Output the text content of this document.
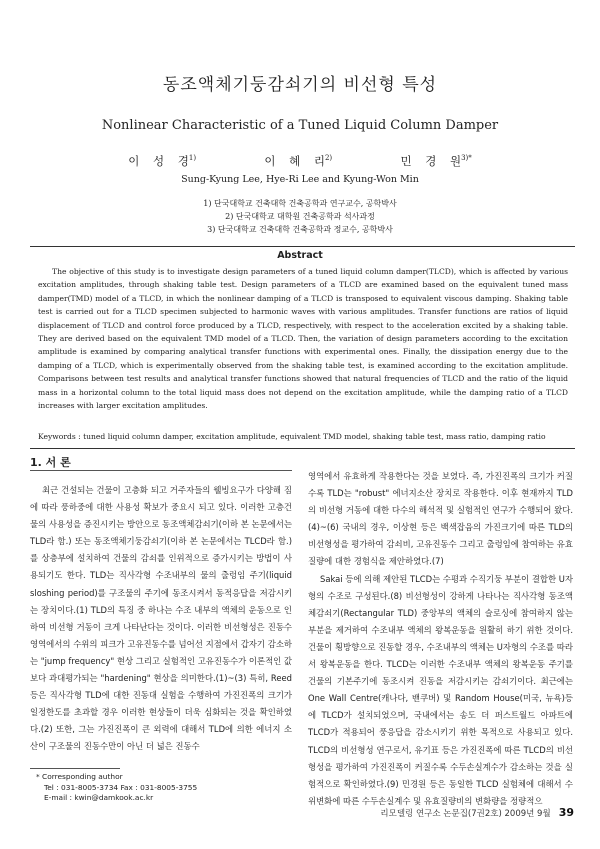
동조액체기둥감쇠기의 비선형 특성
Nonlinear Characteristic of a Tuned Liquid Column Damper
이 성 경$^{1)}$	이 혜 리$^{2)}$	민 경 원$^{3)*}$
Sung-Kyung Lee, Hye-Ri Lee and Kyung-Won Min
1) 단국대학교 건축대학 건축공학과 연구교수, 공학박사
2) 단국대학교 대학원 건축공학과 석사과정
3) 단국대학교 건축대학 건축공학과 정교수, 공학박사
Abstract

The objective of this study is to investigate design parameters of a tuned liquid column damper(TLCD), which is affected by various excitation amplitudes, through shaking table test. Design parameters of a TLCD are examined based on the equivalent tuned mass damper(TMD) model of a TLCD, in which the nonlinear damping of a TLCD is transposed to equivalent viscous damping. Shaking table test is carried out for a TLCD specimen subjected to harmonic waves with various amplitudes. Transfer functions are ratios of liquid displacement of TLCD and control force produced by a TLCD, respectively, with respect to the acceleration excited by a shaking table. They are derived based on the equivalent TMD model of a TLCD. Then, the variation of design parameters according to the excitation amplitude is examined by comparing analytical transfer functions with experimental ones. Finally, the dissipation energy due to the damping of a TLCD, which is experimentally observed from the shaking table test, is examined according to the excitation amplitude. Comparisons between test results and analytical transfer functions showed that natural frequencies of TLCD and the ratio of the liquid mass in a horizontal column to the total liquid mass does not depend on the excitation amplitude, while the damping ratio of a TLCD increases with larger excitation amplitudes.

Keywords : tuned liquid column damper, excitation amplitude, equivalent TMD model, shaking table test, mass ratio, damping ratio

1. 서 론

최근 건설되는 건물이 고층화 되고 거주자들의 웰빙요구가 다양해 짐에 따라 풍하중에 대한 사용성 확보가 중요시 되고 있다. 이러한 고층건물의 사용성을 증진시키는 방안으로 동조액체감쇠기(이하 본 논문에서는 TLD라 함.) 또는 동조액체기둥감쇠기(이하 본 논문에서는 TLCD라 함.)를 상층부에 설치하여 건물의 감쇠를 인위적으로 증가시키는 방법이 사용되기도 한다. TLD는 직사각형 수조내부의 물의 출렁임 주기(liquid sloshing period)를 구조물의 주기에 동조시켜서 동적응답을 저감시키는 장치이다.(1) TLD의 특징 중 하나는 수조 내부의 액체의 운동으로 인하여 비선형 거동이 크게 나타난다는 것이다. 이러한 비선형성은 진동수영역에서의 수위의 피크가 고유진동수를 넘어선 지점에서 갑자기 감소하는 "jump frequency" 현상 그리고 실험적인 고유진동수가 이론적인 값보다 과대평가되는 "hardening" 현상을 의미한다.(1)~(3) 특히, Reed 등은 직사각형 TLD에 대한 진동대 실험을 수행하여 가진진폭의 크기가 일정한도를 초과할 경우 이러한 현상들이 더욱 심화되는 것을 확인하였다.(2) 또한, 그는 가진진폭이 큰 외력에 대해서 TLD에 의한 에너지 소산이 구조물의 진동수만이 아닌 더 넓은 진동수

영역에서 유효하게 작용한다는 것을 보였다. 즉, 가진진폭의 크기가 커질수록 TLD는 "robust" 에너지소산 장치로 작용한다. 이후 현재까지 TLD의 비선형 거동에 대한 다수의 해석적 및 실험적인 연구가 수행되어 왔다.(4)~(6) 국내의 경우, 이상현 등은 백색잡음의 가진크기에 따른 TLD의 비선형성을 평가하여 감쇠비, 고유진동수 그리고 출렁임에 참여하는 유효질량에 대한 경험식을 제안하였다.(7)

Sakai 등에 의해 제안된 TLCD는 수평과 수직기둥 부분이 결합한 U자형의 수조로 구성된다.(8) 비선형성이 강하게 나타나는 직사각형 동조액체감쇠기(Rectangular TLD) 중앙부의 액체의 슬로싱에 참여하지 않는 부분을 제거하여 수조내부 액체의 왕복운동을 원활히 하기 위한 것이다. 건물이 횡방향으로 진동할 경우, 수조내부의 액체는 U자형의 수조를 따라서 왕복운동을 한다. TLCD는 이러한 수조내부 액체의 왕복운동 주기를 건물의 기본주기에 동조시켜 진동을 저감시키는 감쇠기이다. 최근에는 One Wall Centre(캐나다, 밴쿠버) 및 Random House(미국, 뉴욕)등에 TLCD가 설치되었으며, 국내에서는 송도 더 퍼스트월드 아파트에 TLCD가 적용되어 풍응답을 감소시키기 위한 목적으로 사용되고 있다. TLCD의 비선형성 연구로서, 유기표 등은 가진진폭에 따른 TLCD의 비선형성을 평가하여 가진진폭이 커질수록 수두손실계수가 감소하는 것을 실험적으로 확인하였다.(9) 민경원 등은 동일한 TLCD 실험체에 대해서 수위변화에 따른 수두손실계수 및 유효질량비의 변화량을 정량적으

* Corresponding author
Tel : 031-8005-3734 Fax : 031-8005-3755
E-mail : kwin@damkook.ac.kr
리모델링 연구소 논문집(7권2호) 2009년 9월 39
